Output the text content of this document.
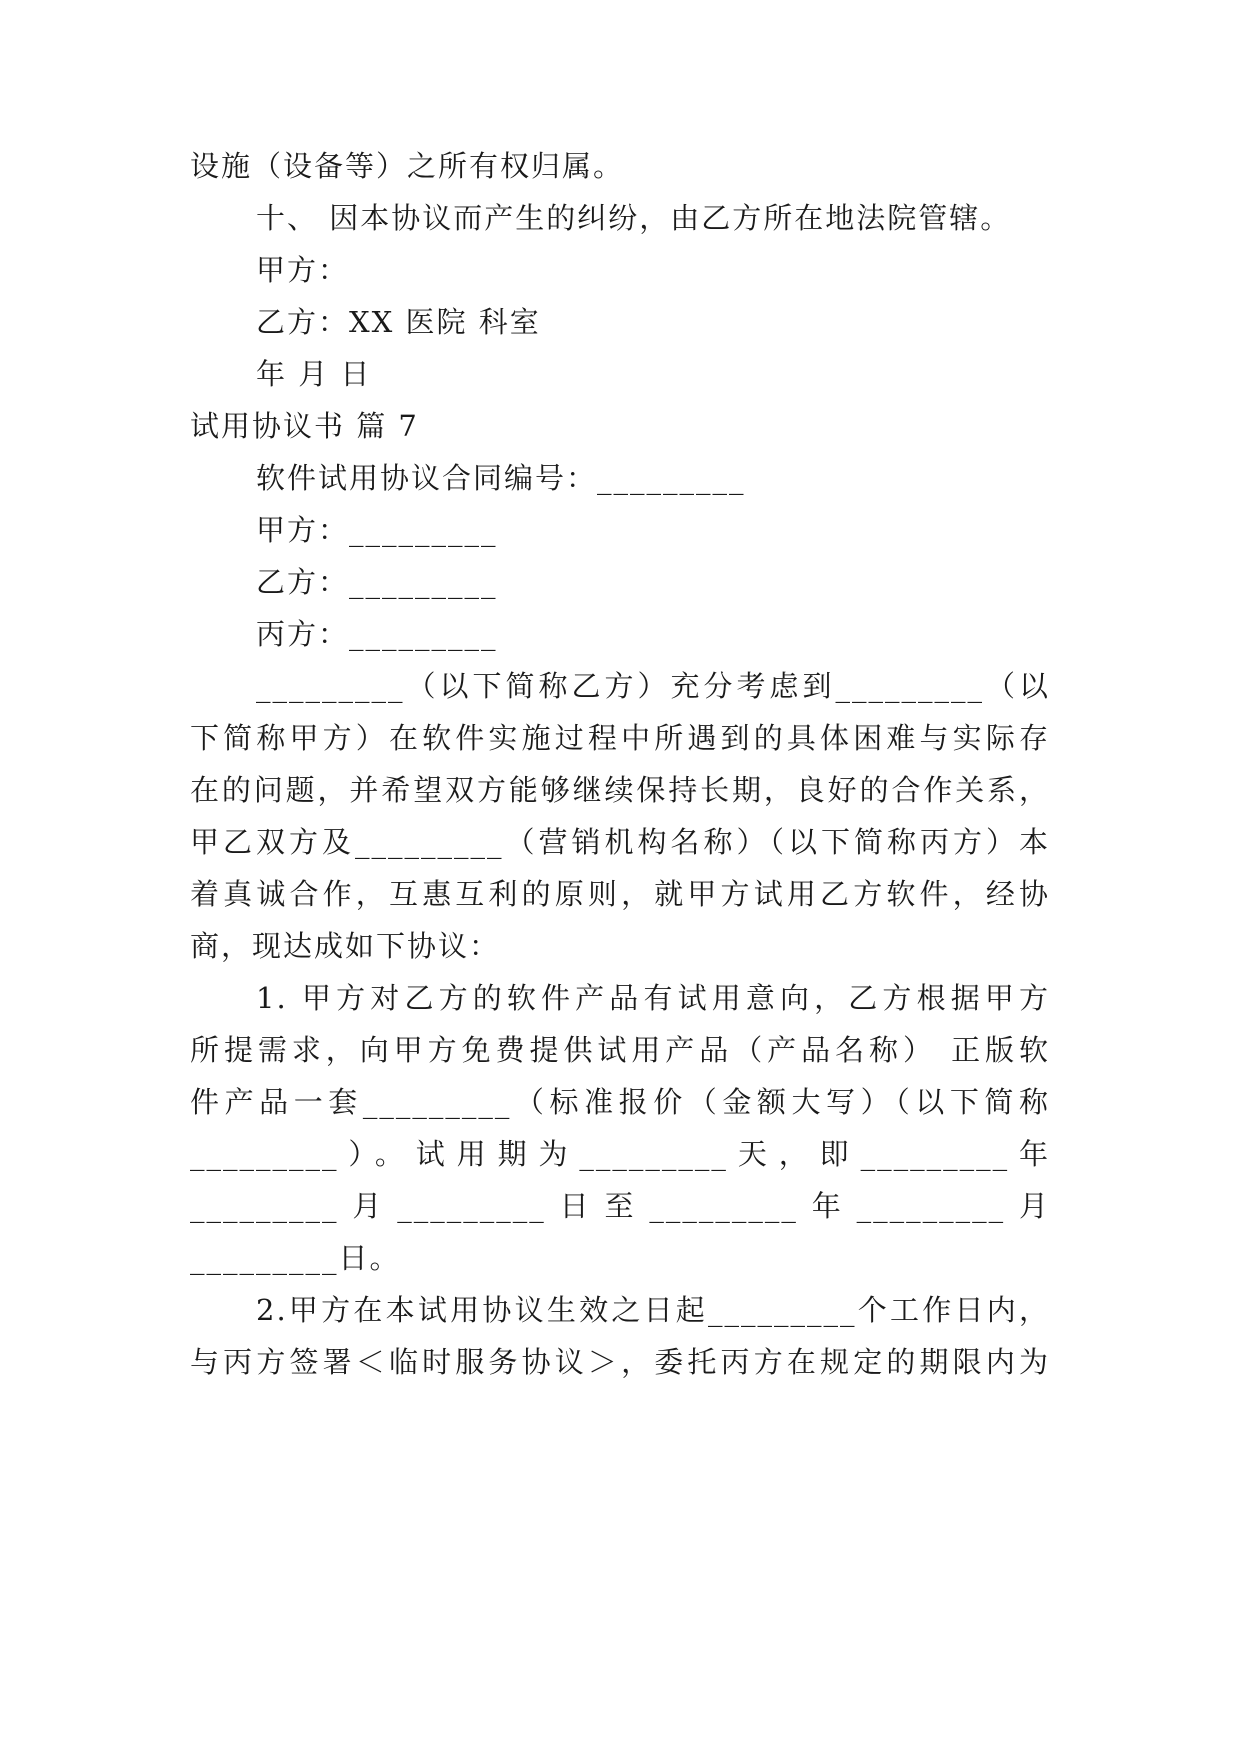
设施（设备等）之所有权归属。
十、 因本协议而产生的纠纷，由乙方所在地法院管辖。
甲方：
乙方：XX 医院 科室
年 月 日
试用协议书 篇 7
软件试用协议合同编号：_________
甲方：_________
乙方：_________
丙方：_________
_________（以下简称乙方）充分考虑到_________（以
下简称甲方）在软件实施过程中所遇到的具体困难与实际存
在的问题，并希望双方能够继续保持长期，良好的合作关系，
甲乙双方及_________（营销机构名称）（以下简称丙方）本
着真诚合作，互惠互利的原则，就甲方试用乙方软件，经协
商，现达成如下协议：
1. 甲方对乙方的软件产品有试用意向，乙方根据甲方
所提需求，向甲方免费提供试用产品（产品名称） 正版软
件产品一套_________（标准报价（金额大写）（以下简称
_________）。试用期为_________天，即_________年
_________月_________日至_________年_________月
_________日。
2.甲方在本试用协议生效之日起_________个工作日内，
与丙方签署＜临时服务协议＞，委托丙方在规定的期限内为
